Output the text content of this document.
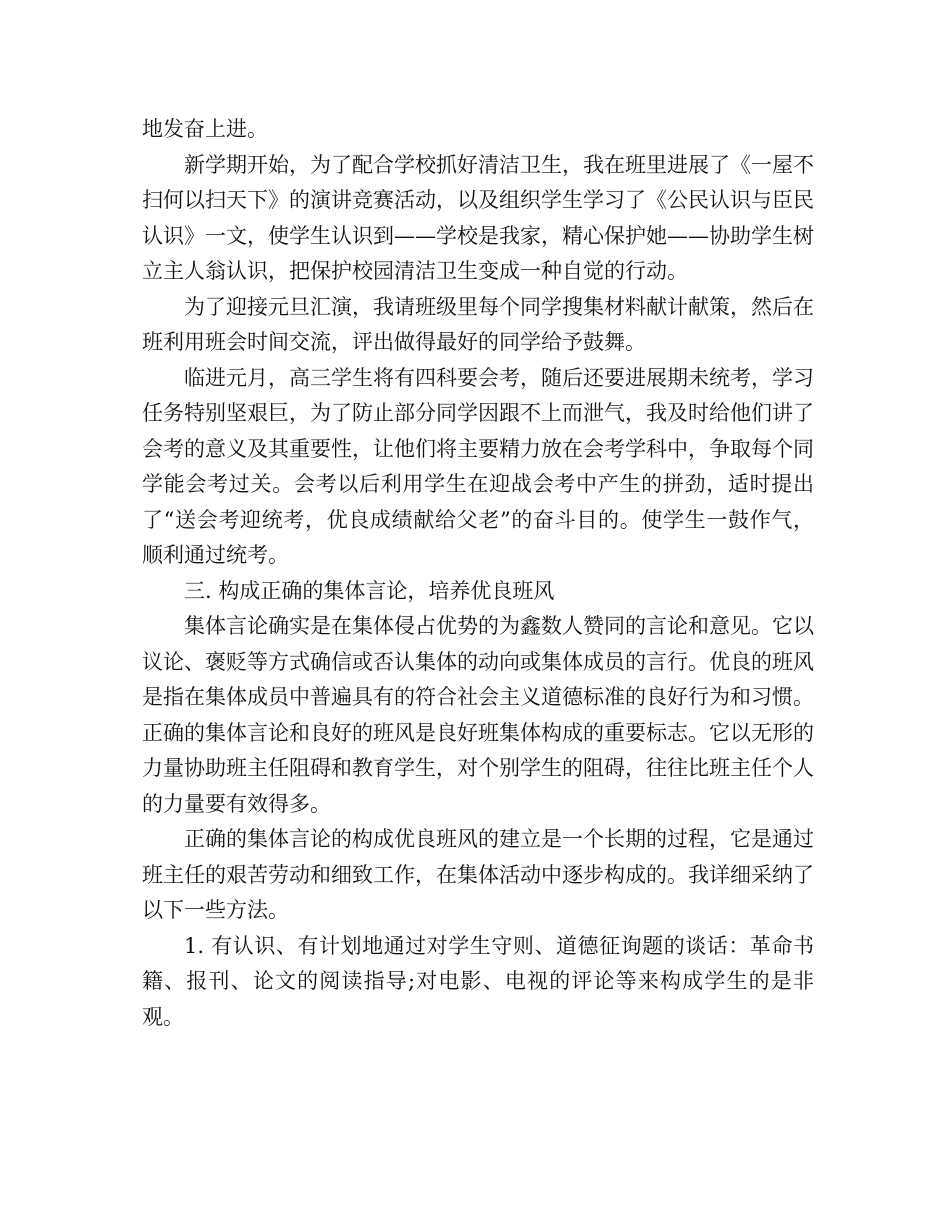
地发奋上进。

新学期开始，为了配合学校抓好清洁卫生，我在班里进展了《一屋不扫何以扫天下》的演讲竞赛活动，以及组织学生学习了《公民认识与臣民认识》一文，使学生认识到——学校是我家，精心保护她——协助学生树立主人翁认识，把保护校园清洁卫生变成一种自觉的行动。

为了迎接元旦汇演，我请班级里每个同学搜集材料献计献策，然后在班利用班会时间交流，评出做得最好的同学给予鼓舞。

临进元月，高三学生将有四科要会考，随后还要进展期未统考，学习任务特别坚艰巨，为了防止部分同学因跟不上而泄气，我及时给他们讲了会考的意义及其重要性，让他们将主要精力放在会考学科中，争取每个同学能会考过关。会考以后利用学生在迎战会考中产生的拼劲，适时提出了“送会考迎统考，优良成绩献给父老”的奋斗目的。使学生一鼓作气，顺利通过统考。

三. 构成正确的集体言论，培养优良班风

集体言论确实是在集体侵占优势的为鑫数人赞同的言论和意见。它以议论、褒贬等方式确信或否认集体的动向或集体成员的言行。优良的班风是指在集体成员中普遍具有的符合社会主义道德标准的良好行为和习惯。正确的集体言论和良好的班风是良好班集体构成的重要标志。它以无形的力量协助班主任阻碍和教育学生，对个别学生的阻碍，往往比班主任个人的力量要有效得多。

正确的集体言论的构成优良班风的建立是一个长期的过程，它是通过班主任的艰苦劳动和细致工作，在集体活动中逐步构成的。我详细采纳了以下一些方法。

1. 有认识、有计划地通过对学生守则、道德征询题的谈话：革命书籍、报刊、论文的阅读指导;对电影、电视的评论等来构成学生的是非观。
